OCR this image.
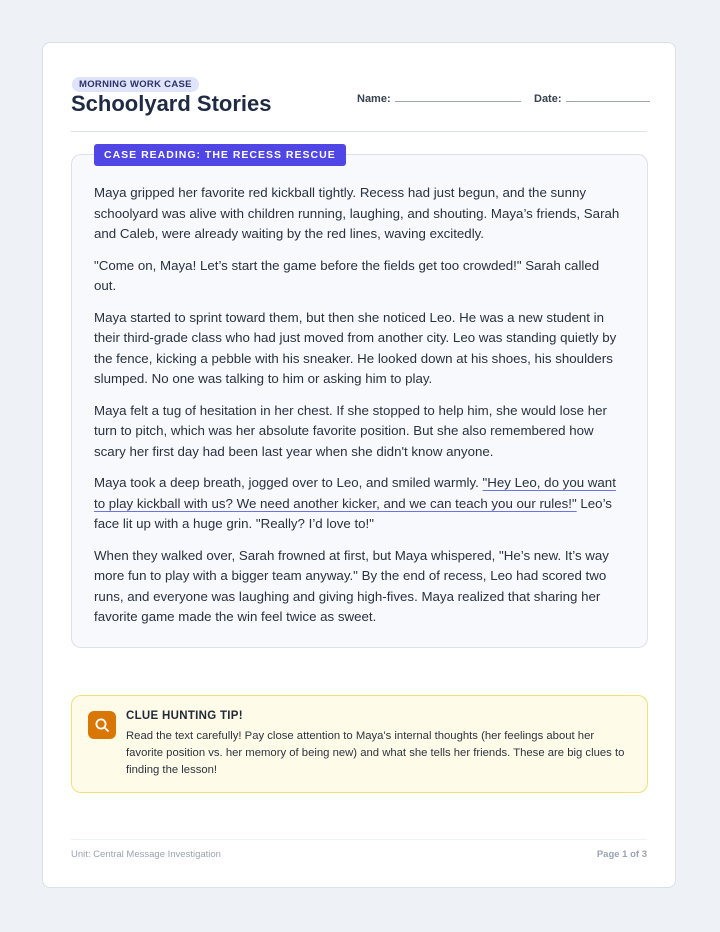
MORNING WORK CASE
Schoolyard Stories	Name:	Date:
CASE READING: THE RECESS RESCUE

Maya gripped her favorite red kickball tightly. Recess had just begun, and the sunny schoolyard was alive with children running, laughing, and shouting. Maya’s friends, Sarah and Caleb, were already waiting by the red lines, waving excitedly.

"Come on, Maya! Let’s start the game before the fields get too crowded!" Sarah called out.

Maya started to sprint toward them, but then she noticed Leo. He was a new student in their third-grade class who had just moved from another city. Leo was standing quietly by the fence, kicking a pebble with his sneaker. He looked down at his shoes, his shoulders slumped. No one was talking to him or asking him to play.

Maya felt a tug of hesitation in her chest. If she stopped to help him, she would lose her turn to pitch, which was her absolute favorite position. But she also remembered how scary her first day had been last year when she didn't know anyone.

Maya took a deep breath, jogged over to Leo, and smiled warmly. "Hey Leo, do you want to play kickball with us? We need another kicker, and we can teach you our rules!" Leo’s face lit up with a huge grin. "Really? I’d love to!"

When they walked over, Sarah frowned at first, but Maya whispered, "He’s new. It’s way more fun to play with a bigger team anyway." By the end of recess, Leo had scored two runs, and everyone was laughing and giving high-fives. Maya realized that sharing her favorite game made the win feel twice as sweet.

CLUE HUNTING TIP!
Read the text carefully! Pay close attention to Maya's internal thoughts (her feelings about her favorite position vs. her memory of being new) and what she tells her friends. These are big clues to finding the lesson!
Unit: Central Message Investigation	Page 1 of 3
